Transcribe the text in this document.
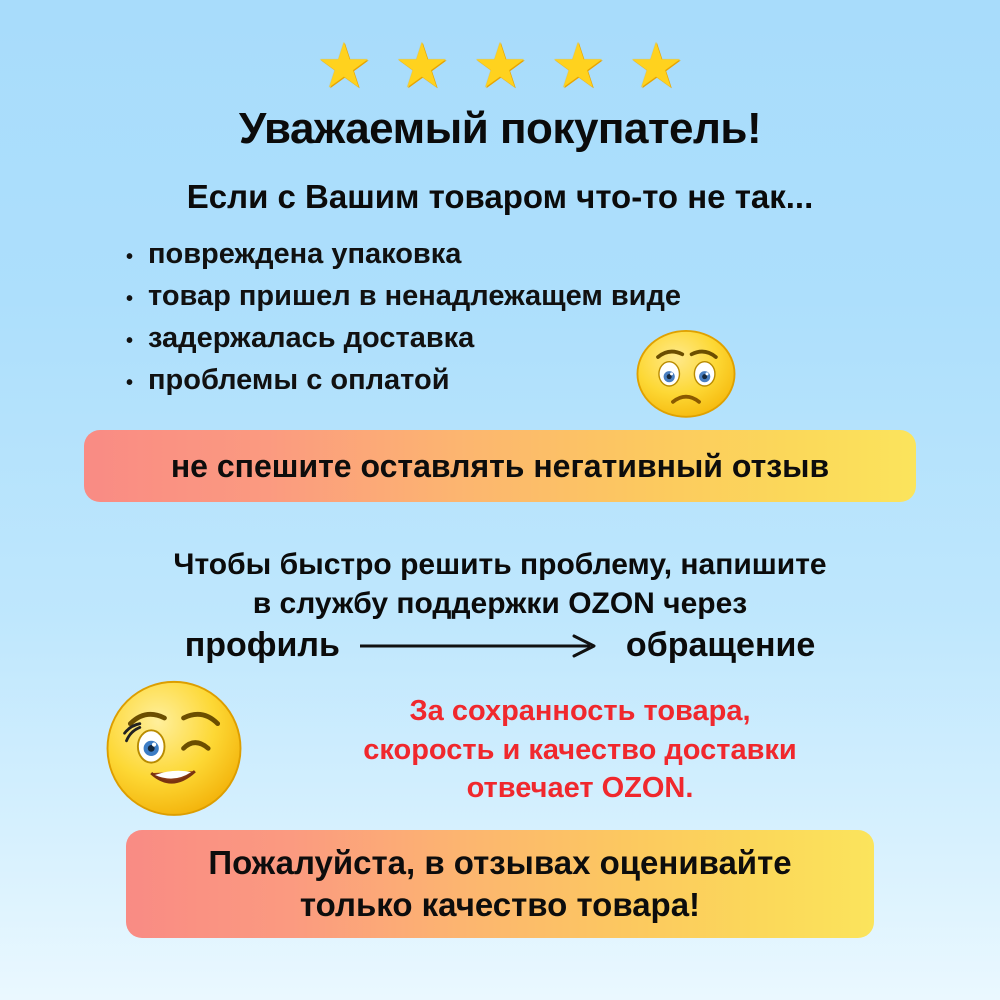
★ ★ ★ ★ ★
Уважаемый покупатель!
Если с Вашим товаром что-то не так...
• повреждена упаковка
• товар пришел в ненадлежащем виде
• задержалась доставка
• проблемы с оплатой
не спешите оставлять негативный отзыв
Чтобы быстро решить проблему, напишите
в службу поддержки OZON через
профиль	обращение
За сохранность товара,
скорость и качество доставки
отвечает OZON.
Пожалуйста, в отзывах оценивайте
только качество товара!
